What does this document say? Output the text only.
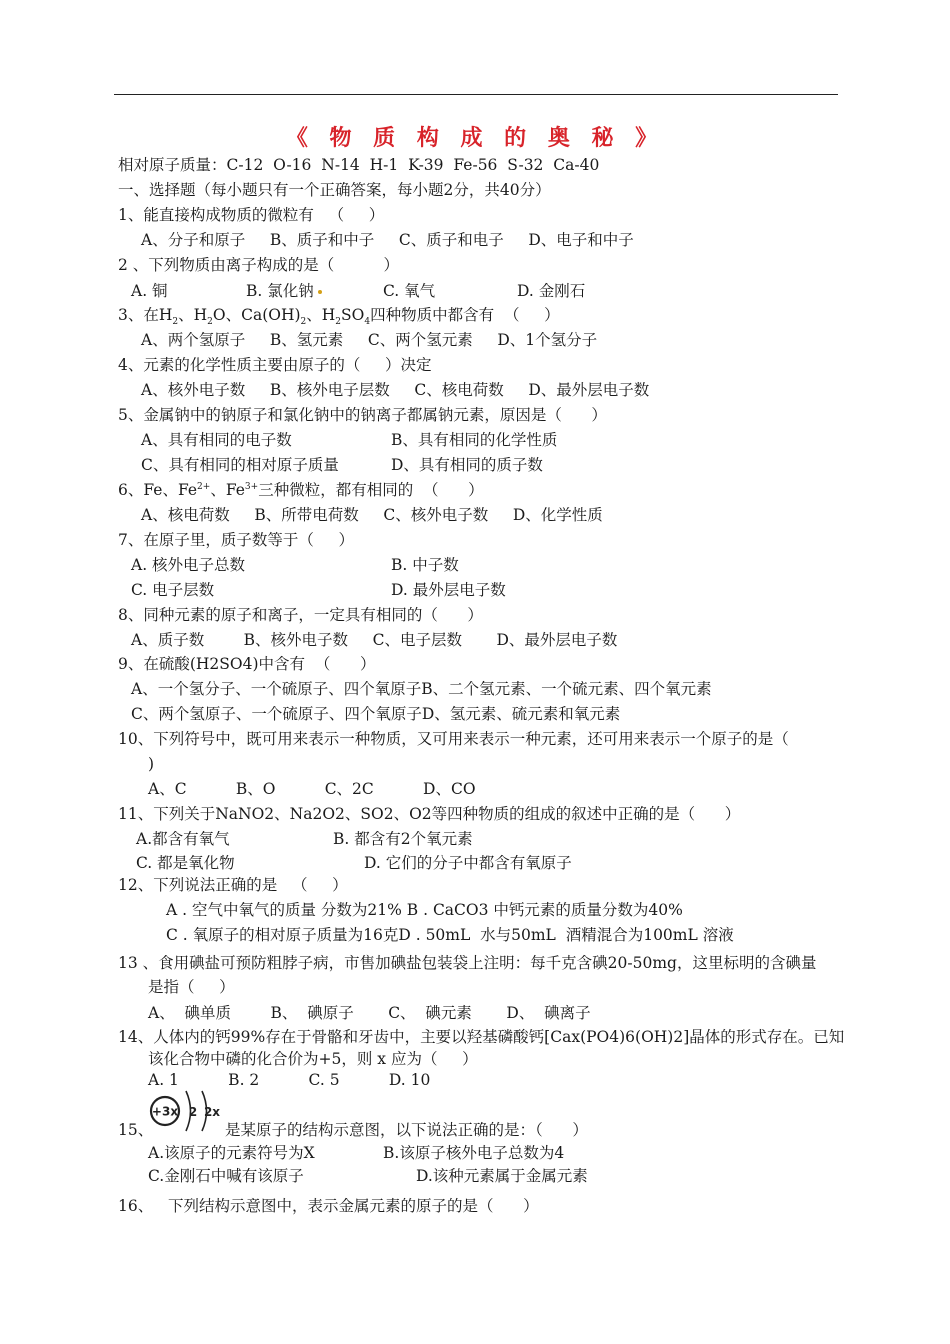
《 物 质 构 成 的 奥 秘 》
相对原子质量：C-12  O-16  N-14  H-1  K-39  Fe-56  S-32  Ca-40
一、选择题（每小题只有一个正确答案，每小题2分，共40分）
1、能直接构成物质的微粒有   （     ）
A、分子和原子     B、质子和中子     C、质子和电子     D、电子和中子
2 、下列物质由离子构成的是（          ）
A. 铜	B. 氯化钠	C. 氧气	D. 金刚石
3、在$H_2$、$H_2O$、$Ca(OH)_2$、$H_2SO_4$四种物质中都含有  （     ）
A、两个氢原子     B、氢元素     C、两个氢元素     D、1个氢分子
4、元素的化学性质主要由原子的（     ）决定
A、核外电子数     B、核外电子层数     C、核电荷数     D、最外层电子数
5、金属钠中的钠原子和氯化钠中的钠离子都属钠元素，原因是（      ）
A、具有相同的电子数	B、具有相同的化学性质
C、具有相同的相对原子质量	D、具有相同的质子数
6、Fe、$Fe^{2+}$、$Fe^{3+}$三种微粒，都有相同的  （      ）
A、核电荷数     B、所带电荷数     C、核外电子数     D、化学性质
7、在原子里，质子数等于（     ）
A. 核外电子总数	B. 中子数
C. 电子层数	D. 最外层电子数
8、同种元素的原子和离子，一定具有相同的（      ）
A、质子数        B、核外电子数     C、电子层数       D、最外层电子数
9、在硫酸(H2SO4)中含有  （      ）
A、一个氢分子、一个硫原子、四个氧原子B、二个氢元素、一个硫元素、四个氧元素
C、两个氢原子、一个硫原子、四个氧原子D、氢元素、硫元素和氧元素
10、下列符号中，既可用来表示一种物质，又可用来表示一种元素，还可用来表示一个原子的是（
)
A、C          B、O          C、2C          D、CO
11、下列关于NaNO2、Na2O2、SO2、O2等四种物质的组成的叙述中正确的是（      ）
A.都含有氧气	B. 都含有2个氧元素
C. 都是氧化物	D. 它们的分子中都含有氧原子
12、下列说法正确的是   （     ）
A . 空气中氧气的质量 分数为21% B . CaCO3 中钙元素的质量分数为40%
C . 氧原子的相对原子质量为16克D . 50mL  水与50mL  酒精混合为100mL 溶液
13 、食用碘盐可预防粗脖子病，市售加碘盐包装袋上注明：每千克含碘20-50mg，这里标明的含碘量
是指（     ）
A、  碘单质        B、  碘原子       C、  碘元素       D、  碘离子
14、人体内的钙99%存在于骨骼和牙齿中，主要以羟基磷酸钙[Cax(PO4)6(OH)2]晶体的形式存在。已知
该化合物中磷的化合价为+5，则 x 应为（     ）
A. 1          B. 2          C. 5          D. 10
+3x 2 2x
15、	是某原子的结构示意图，以下说法正确的是：（      ）
A.该原子的元素符号为X	B.该原子核外电子总数为4
C.金刚石中喊有该原子	D.该种元素属于金属元素
16、   下列结构示意图中，表示金属元素的原子的是（      ）
